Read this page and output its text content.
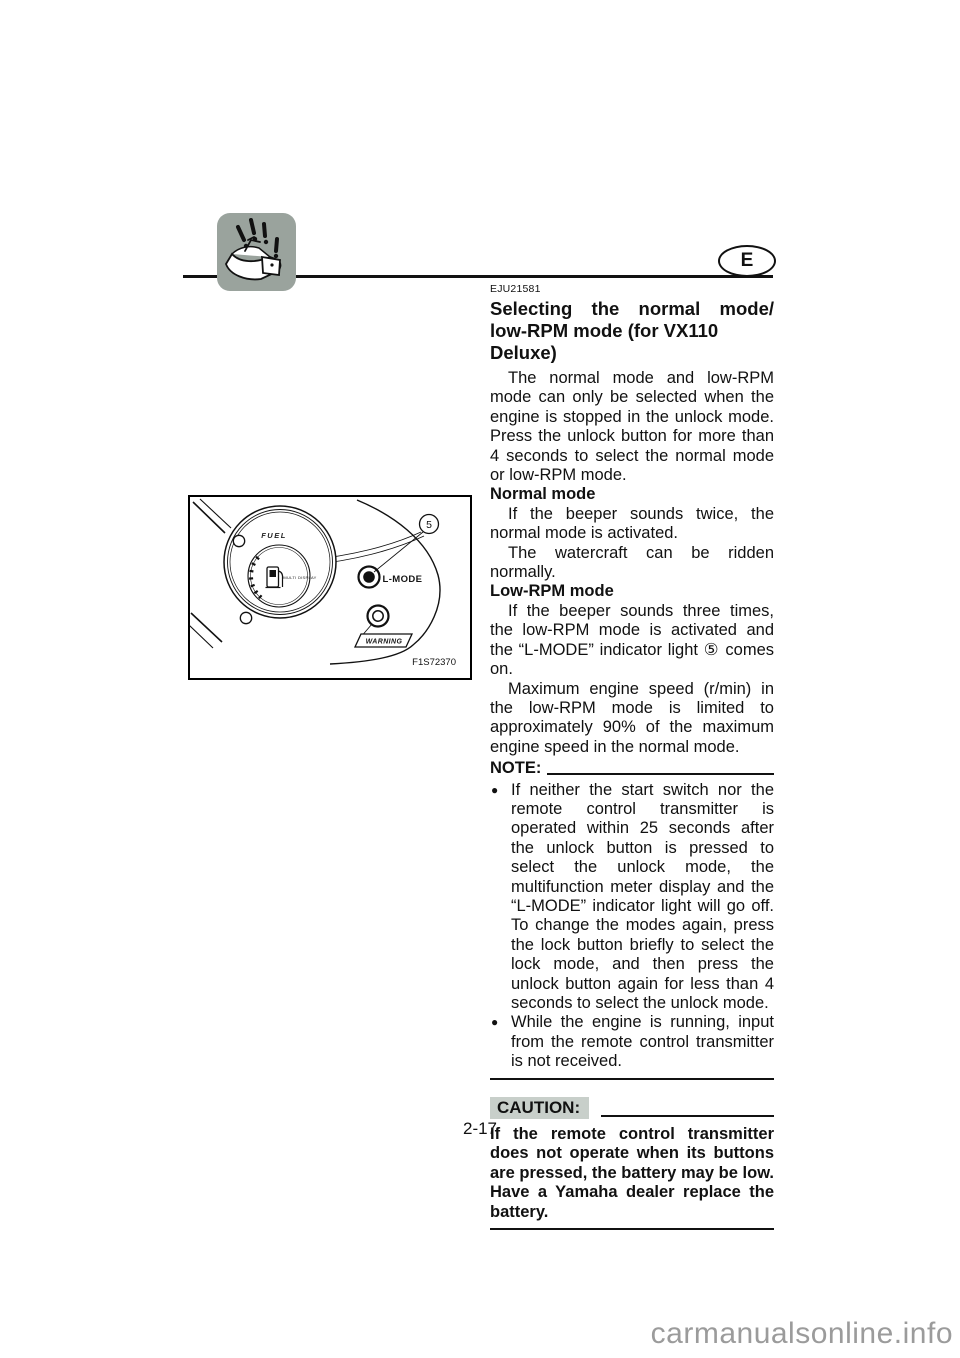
E
FUEL
MULTI DISPLAY	L-MODE
WARNING
5
F1S72370
EJU21581
Selecting the normal mode/
low-RPM mode (for VX110 Deluxe)

The normal mode and low-RPM mode can only be selected when the engine is stopped in the unlock mode. Press the unlock button for more than 4 seconds to select the normal mode or low-RPM mode.

Normal mode

If the beeper sounds twice, the normal mode is activated.

The watercraft can be ridden normally.

Low-RPM mode

If the beeper sounds three times, the low-RPM mode is activated and the “L-MODE” indicator light ⑤ comes on.

Maximum engine speed (r/min) in the low-RPM mode is limited to approximately 90% of the maximum engine speed in the normal mode.

NOTE:
● If neither the start switch nor the remote control transmitter is operated within 25 seconds after the unlock button is pressed to select the unlock mode, the multifunction meter display and the “L-MODE” indicator light will go off. To change the modes again, press the lock button briefly to select the lock mode, and then press the unlock button again for less than 4 seconds to select the unlock mode.
● While the engine is running, input from the remote control transmitter is not received.
CAUTION:

If the remote control transmitter does not operate when its buttons are pressed, the battery may be low. Have a Yamaha dealer replace the battery.

2-17
carmanualsonline.info
